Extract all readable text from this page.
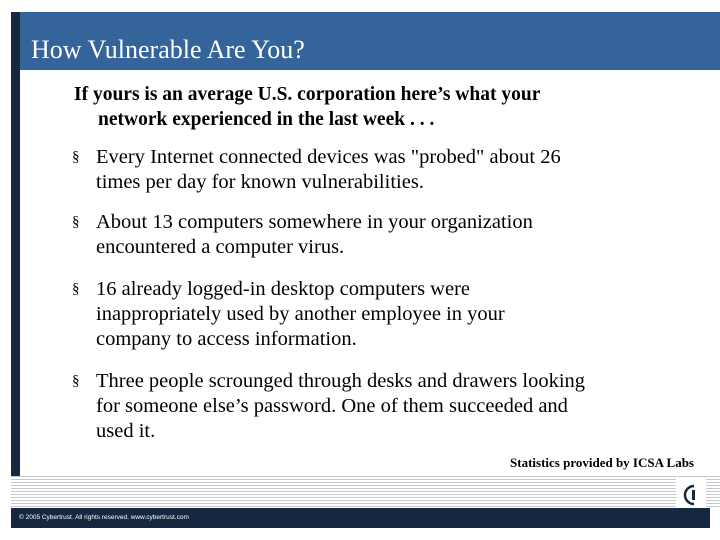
How Vulnerable Are You?
If yours is an average U.S. corporation here’s what your
network experienced in the last week . . .
§ Every Internet connected devices was "probed" about 26
times per day for known vulnerabilities.
§ About 13 computers somewhere in your organization
encountered a computer virus.
§ 16 already logged-in desktop computers were
inappropriately used by another employee in your
company to access information.
§ Three people scrounged through desks and drawers looking
for someone else’s password. One of them succeeded and
used it.
Statistics provided by ICSA Labs
© 2005 Cybertrust. All rights reserved. www.cybertrust.com
